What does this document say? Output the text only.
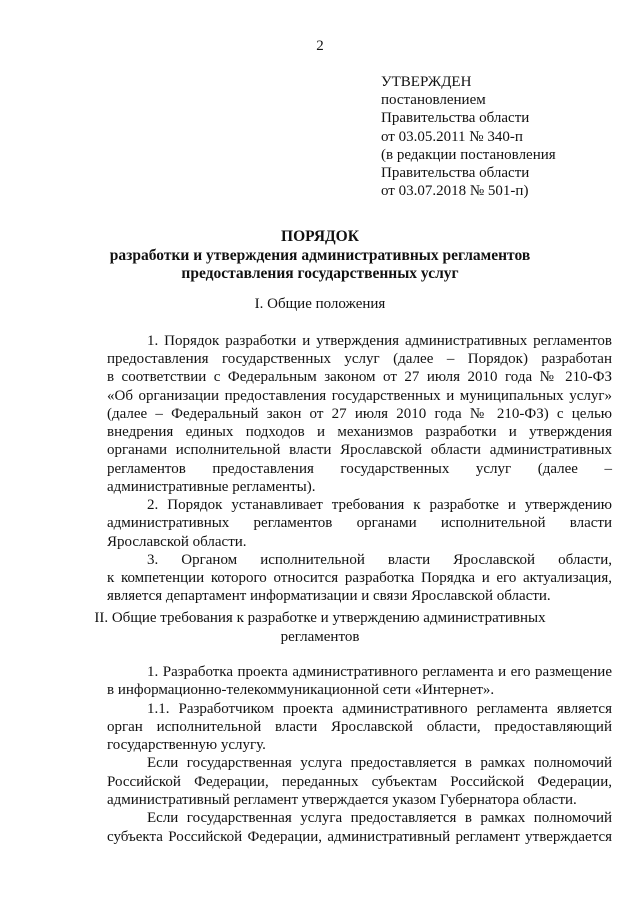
2
УТВЕРЖДЕН
постановлением
Правительства области
от 03.05.2011 № 340-п
(в редакции постановления
Правительства области
от 03.07.2018 № 501-п)
ПОРЯДОК
разработки и утверждения административных регламентов
предоставления государственных услуг
I. Общие положения

1. Порядок разработки и утверждения административных регламентов

предоставления государственных услуг (далее – Порядок) разработан
в соответствии с Федеральным законом от 27 июля 2010 года № 210-ФЗ
«Об организации предоставления государственных и муниципальных услуг»
(далее – Федеральный закон от 27 июля 2010 года № 210-ФЗ) с целью
внедрения единых подходов и механизмов разработки и утверждения
органами исполнительной власти Ярославской области административных
регламентов предоставления государственных услуг (далее –
административные регламенты).
2. Порядок устанавливает требования к разработке и утверждению
административных регламентов органами исполнительной власти
Ярославской области.
3. Органом исполнительной власти Ярославской области,
к компетенции которого относится разработка Порядка и его актуализация,
является департамент информатизации и связи Ярославской области.
II. Общие требования к разработке и утверждению административных
регламентов
1. Разработка проекта административного регламента и его размещение
в информационно-телекоммуникационной сети «Интернет».
1.1. Разработчиком проекта административного регламента является
орган исполнительной власти Ярославской области, предоставляющий
государственную услугу.
Если государственная услуга предоставляется в рамках полномочий
Российской Федерации, переданных субъектам Российской Федерации,
административный регламент утверждается указом Губернатора области.
Если государственная услуга предоставляется в рамках полномочий
субъекта Российской Федерации, административный регламент утверждается
